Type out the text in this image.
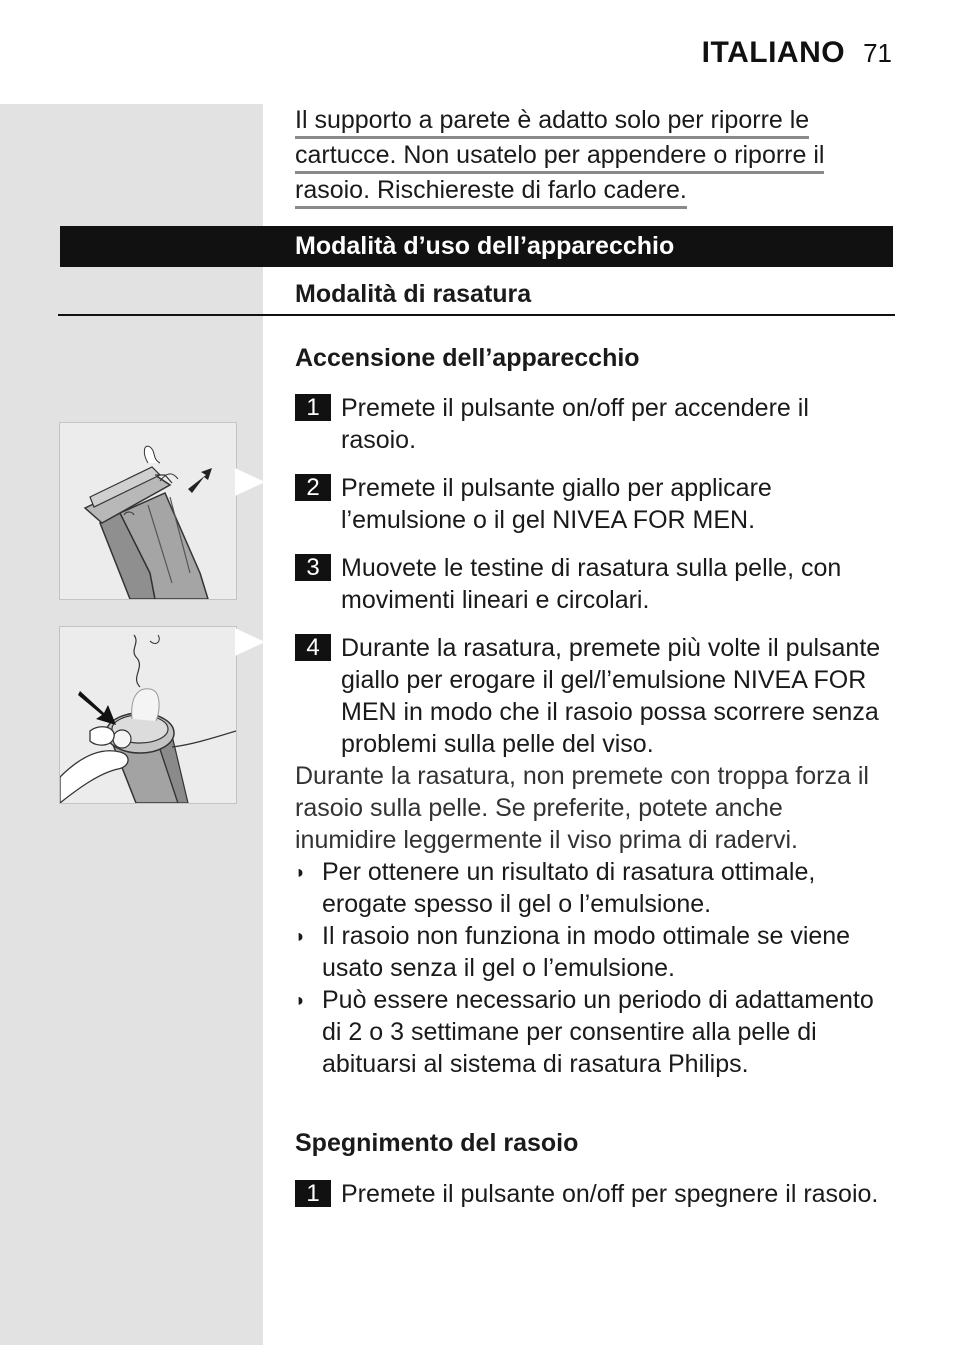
ITALIANO 71
Il supporto a parete è adatto solo per riporre le
cartucce. Non usatelo per appendere o riporre il
rasoio. Rischiereste di farlo cadere.
Modalità d’uso dell’apparecchio
Modalità di rasatura
Accensione dell’apparecchio
1 Premete il pulsante on/off per accendere il rasoio.
2 Premete il pulsante giallo per applicare l’emulsione o il gel NIVEA FOR MEN.
3 Muovete le testine di rasatura sulla pelle, con movimenti lineari e circolari.
4 Durante la rasatura, premete più volte il pulsante giallo per erogare il gel/l’emulsione NIVEA FOR MEN in modo che il rasoio possa scorrere senza problemi sulla pelle del viso.
Durante la rasatura, non premete con troppa forza il rasoio sulla pelle. Se preferite, potete anche inumidire leggermente il viso prima di radervi.
◗ Per ottenere un risultato di rasatura ottimale, erogate spesso il gel o l’emulsione.
◗ Il rasoio non funziona in modo ottimale se viene usato senza il gel o l’emulsione.
◗ Può essere necessario un periodo di adattamento di 2 o 3 settimane per consentire alla pelle di abituarsi al sistema di rasatura Philips.
Spegnimento del rasoio
1 Premete il pulsante on/off per spegnere il rasoio.
